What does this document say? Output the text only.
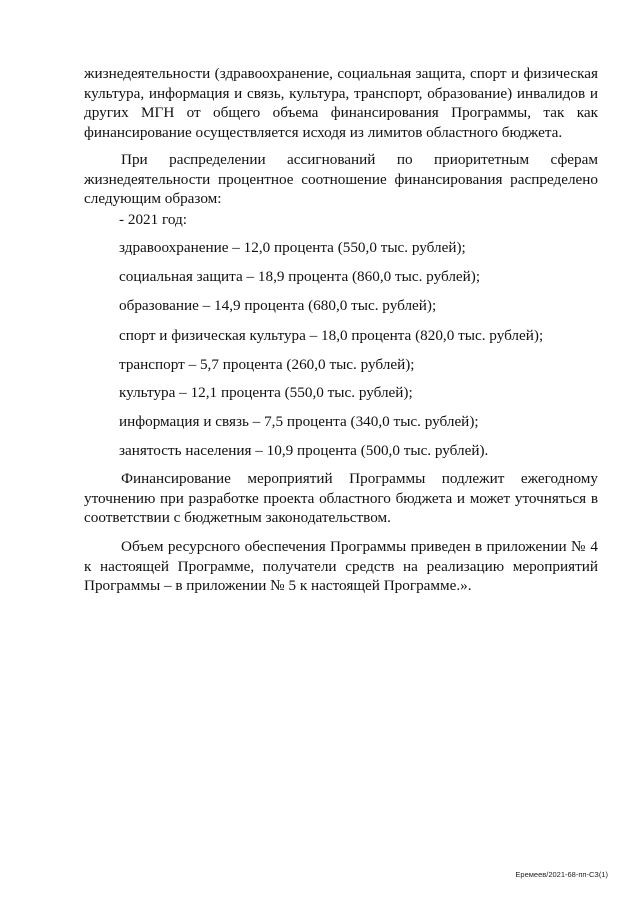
жизнедеятельности (здравоохранение, социальная защита, спорт и физическая культура, информация и связь, культура, транспорт, образование) инвалидов и других МГН от общего объема финансирования Программы, так как финансирование осуществляется исходя из лимитов областного бюджета.

При распределении ассигнований по приоритетным сферам жизнедеятельности процентное соотношение финансирования распределено следующим образом:

- 2021 год:

здравоохранение – 12,0 процента (550,0 тыс. рублей);

социальная защита – 18,9 процента (860,0 тыс. рублей);

образование – 14,9 процента (680,0 тыс. рублей);

спорт и физическая культура – 18,0 процента (820,0 тыс. рублей);

транспорт – 5,7 процента (260,0 тыс. рублей);

культура – 12,1 процента (550,0 тыс. рублей);

информация и связь – 7,5 процента (340,0 тыс. рублей);

занятость населения – 10,9 процента (500,0 тыс. рублей).

Финансирование мероприятий Программы подлежит ежегодному уточнению при разработке проекта областного бюджета и может уточняться в соответствии с бюджетным законодательством.

Объем ресурсного обеспечения Программы приведен в приложении № 4 к настоящей Программе, получатели средств на реализацию мероприятий Программы – в приложении № 5 к настоящей Программе.».

Еремеев/2021-68-пп-СЗ(1)
